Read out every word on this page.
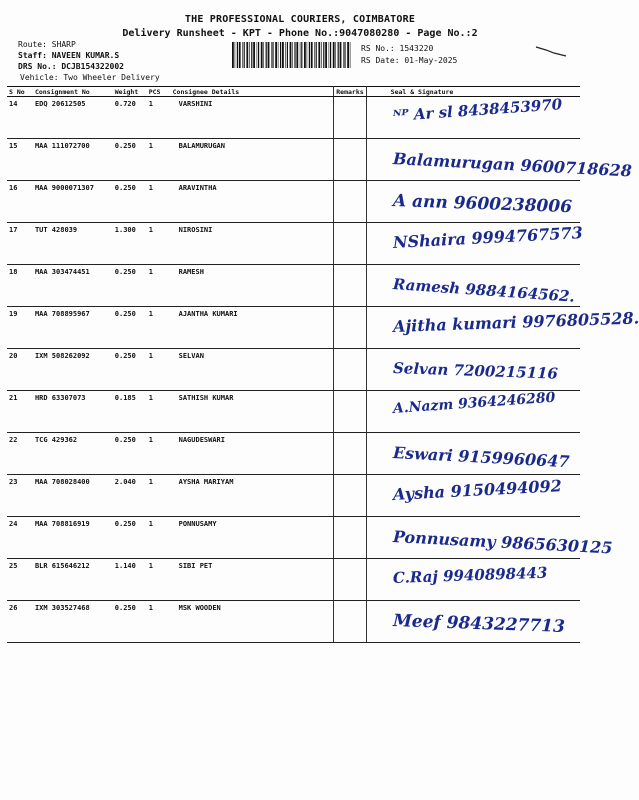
THE PROFESSIONAL COURIERS, COIMBATORE
Delivery Runsheet - KPT - Phone No.:9047080280 - Page No.:2
Route: SHARP
Staff: NAVEEN KUMAR.S
DRS No.: DCJB154322002
Vehicle: Two Wheeler Delivery
RS No.: 1543220
RS Date: 01-May-2025
S No	Consignment No	Weight	PCS	Consignee Details	Remarks	Seal & Signature
14	EDQ 20612505	0.720	1	VARSHINI		ᴺᴾ Ar sl 8438453970

15	MAA 111072700	0.250	1	BALAMURUGAN		Balamurugan 9600718628

16	MAA 9000071307	0.250	1	ARAVINTHA		A ann 9600238006

17	TUT 428039	1.300	1	NIROSINI		NShaira 9994767573

18	MAA 303474451	0.250	1	RAMESH		Ramesh 9884164562.

19	MAA 708895967	0.250	1	AJANTHA KUMARI		Ajitha kumari 9976805528.

20	IXM 508262092	0.250	1	SELVAN		Selvan 7200215116

21	HRD 63307073	0.185	1	SATHISH KUMAR		A.Nazm 9364246280

22	TCG 429362	0.250	1	NAGUDESWARI		Eswari 9159960647

23	MAA 708028400	2.040	1	AYSHA MARIYAM		Aysha 9150494092

24	MAA 708816919	0.250	1	PONNUSAMY		Ponnusamy 9865630125

25	BLR 615646212	1.140	1	SIBI PET		C.Raj 9940898443

26	IXM 303527468	0.250	1	MSK WOODEN		Meef 9843227713
